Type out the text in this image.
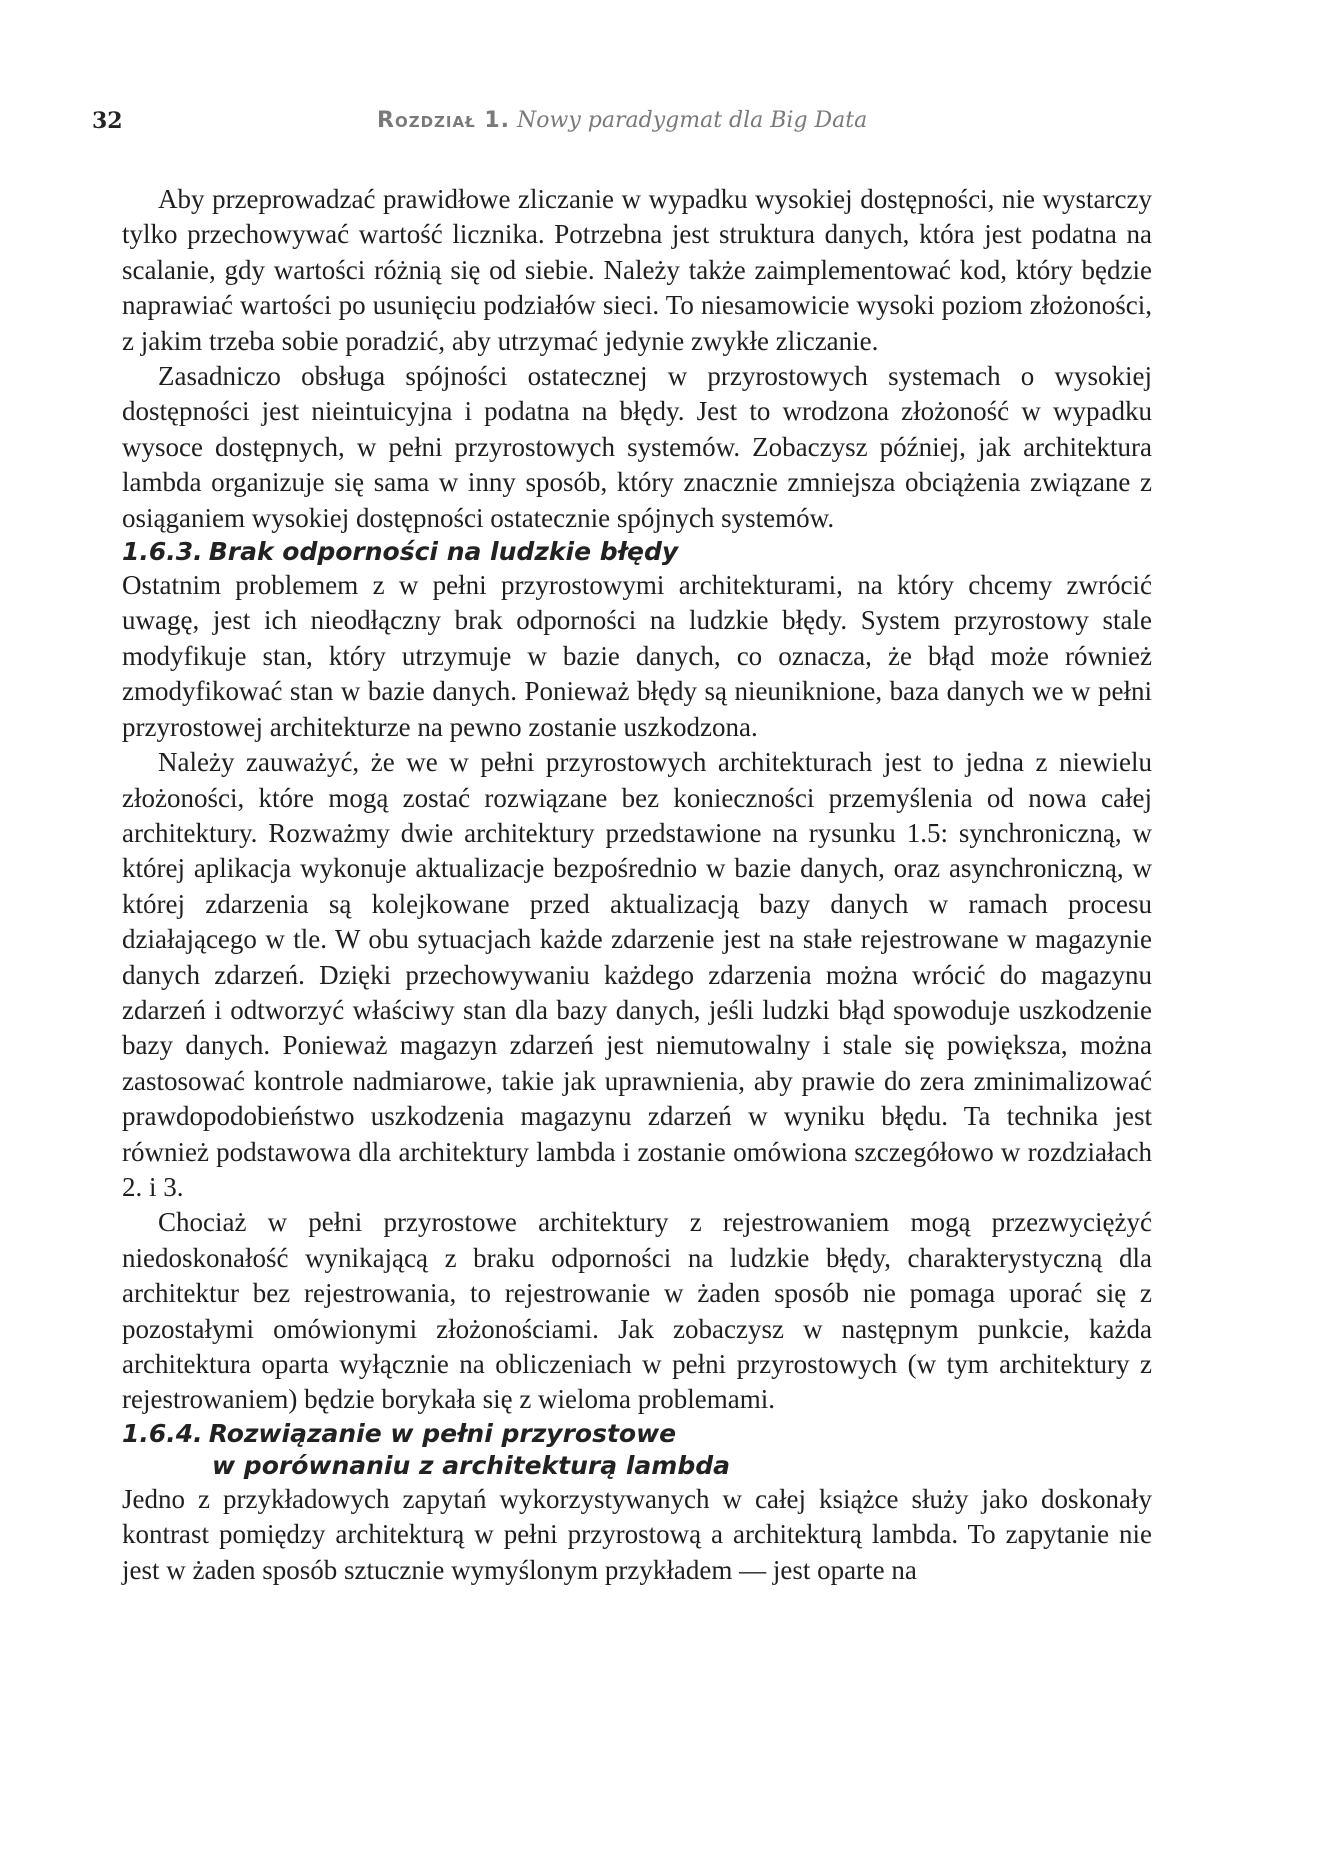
32	Rozdział 1. Nowy paradygmat dla Big Data

Aby przeprowadzać prawidłowe zliczanie w wypadku wysokiej dostępności, nie wystarczy tylko przechowywać wartość licznika. Potrzebna jest struktura danych, która jest podatna na scalanie, gdy wartości różnią się od siebie. Należy także zaimplementować kod, który będzie naprawiać wartości po usunięciu podziałów sieci. To niesamowicie wysoki poziom złożoności, z jakim trzeba sobie poradzić, aby utrzymać jedynie zwykłe zliczanie.

Zasadniczo obsługa spójności ostatecznej w przyrostowych systemach o wysokiej dostępności jest nieintuicyjna i podatna na błędy. Jest to wrodzona złożoność w wypadku wysoce dostępnych, w pełni przyrostowych systemów. Zobaczysz później, jak architektura lambda organizuje się sama w inny sposób, który znacznie zmniejsza obciążenia związane z osiąganiem wysokiej dostępności ostatecznie spójnych systemów.

1.6.3. Brak odporności na ludzkie błędy

Ostatnim problemem z w pełni przyrostowymi architekturami, na który chcemy zwrócić uwagę, jest ich nieodłączny brak odporności na ludzkie błędy. System przyrostowy stale modyfikuje stan, który utrzymuje w bazie danych, co oznacza, że błąd może również zmodyfikować stan w bazie danych. Ponieważ błędy są nieuniknione, baza danych we w pełni przyrostowej architekturze na pewno zostanie uszkodzona.

Należy zauważyć, że we w pełni przyrostowych architekturach jest to jedna z niewielu złożoności, które mogą zostać rozwiązane bez konieczności przemyślenia od nowa całej architektury. Rozważmy dwie architektury przedstawione na rysunku 1.5: synchroniczną, w której aplikacja wykonuje aktualizacje bezpośrednio w bazie danych, oraz asynchroniczną, w której zdarzenia są kolejkowane przed aktualizacją bazy danych w ramach procesu działającego w tle. W obu sytuacjach każde zdarzenie jest na stałe rejestrowane w magazynie danych zdarzeń. Dzięki przechowywaniu każdego zdarzenia można wrócić do magazynu zdarzeń i odtworzyć właściwy stan dla bazy danych, jeśli ludzki błąd spowoduje uszkodzenie bazy danych. Ponieważ magazyn zdarzeń jest niemutowalny i stale się powiększa, można zastosować kontrole nadmiarowe, takie jak uprawnienia, aby prawie do zera zminimalizować prawdopodobieństwo uszkodzenia magazynu zdarzeń w wyniku błędu. Ta technika jest również podstawowa dla architektury lambda i zostanie omówiona szczegółowo w rozdziałach 2. i 3.

Chociaż w pełni przyrostowe architektury z rejestrowaniem mogą przezwyciężyć niedoskonałość wynikającą z braku odporności na ludzkie błędy, charakterystyczną dla architektur bez rejestrowania, to rejestrowanie w żaden sposób nie pomaga uporać się z pozostałymi omówionymi złożonościami. Jak zobaczysz w następnym punkcie, każda architektura oparta wyłącznie na obliczeniach w pełni przyrostowych (w tym architektury z rejestrowaniem) będzie borykała się z wieloma problemami.

1.6.4. Rozwiązanie w pełni przyrostowe
w porównaniu z architekturą lambda

Jedno z przykładowych zapytań wykorzystywanych w całej książce służy jako doskonały kontrast pomiędzy architekturą w pełni przyrostową a architekturą lambda. To zapytanie nie jest w żaden sposób sztucznie wymyślonym przykładem — jest oparte na
